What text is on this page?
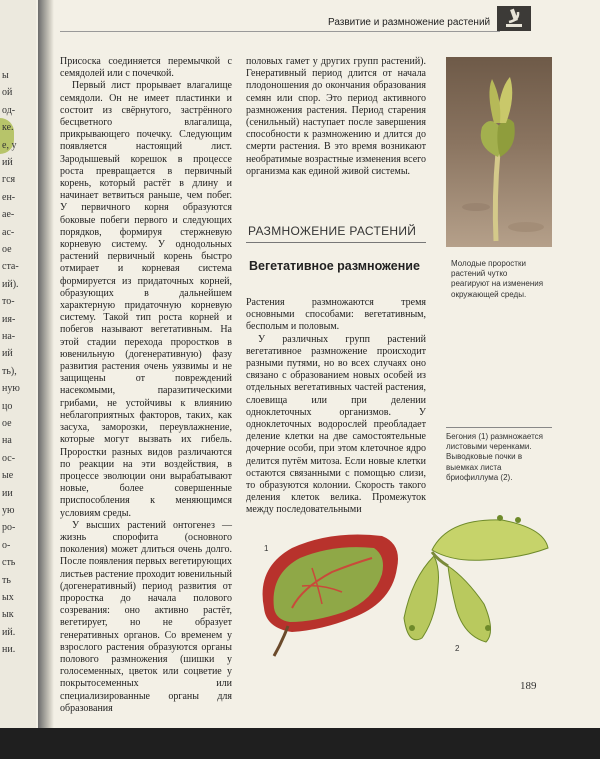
ы
ой
од-
ке.
е, у
ий
гся
ен-
ае-
ас-
ое
ста-
ий).
то-
ия-
на-
ий
ть),
ную
цо
ое
на
ос-
ые
ии
ую
ро-
о-
сть
ть
ых
ык
ий.
ни.
Развитие и размножение растений

Присоска соединяется перемычкой с семядолей или с почечкой.

Первый лист прорывает влагалище семядоли. Он не имеет пластинки и состоит из свёрнутого, застрённого бесцветного влагалища, прикрывающего почечку. Следующим появляется настоящий лист. Зародышевый корешок в процессе роста превращается в первичный корень, который растёт в длину и начинает ветвиться раньше, чем побег. У первичного корня образуются боковые побеги первого и следующих порядков, формируя стержневую корневую систему. У однодольных растений первичный корень быстро отмирает и корневая система формируется из придаточных корней, образующих в дальнейшем характерную придаточную корневую систему. Такой тип роста корней и побегов называют вегетативным. На этой стадии перехода проростков в ювенильную (догенеративную) фазу развития растения очень уязвимы и не защищены от повреждений насекомыми, паразитическими грибами, не устойчивы к влиянию неблагоприятных факторов, таких, как засуха, заморозки, переувлажнение, которые могут вызвать их гибель. Проростки разных видов различаются по реакции на эти воздействия, в процессе эволюции они вырабатывают новые, более совершенные приспособления к меняющимся условиям среды.

У высших растений онтогенез — жизнь спорофита (основного поколения) может длиться очень долго. После появления первых вегетирующих листьев растение проходит ювенильный (догенеративный) период развития от проростка до начала полового созревания: оно активно растёт, вегетирует, но не образует генеративных органов. Со временем у взрослого растения образуются органы полового размножения (шишки у голосеменных, цветок или соцветие у покрытосеменных или специализированные органы для образования

половых гамет у других групп растений). Генеративный период длится от начала плодоношения до окончания образования семян или спор. Это период активного размножения растения. Период старения (сенильный) наступает после завершения способности к размножению и длится до смерти растения. В это время возникают необратимые возрастные изменения всего организма как единой живой системы.

РАЗМНОЖЕНИЕ РАСТЕНИЙ
Вегетативное размножение

Растения размножаются тремя основными способами: вегетативным, бесполым и половым.

У различных групп растений вегетативное размножение происходит разными путями, но во всех случаях оно связано с образованием новых особей из отдельных вегетативных частей растения, слоевища или при делении одноклеточных организмов. У одноклеточных водорослей преобладает деление клетки на две самостоятельные дочерние особи, при этом клеточное ядро делится путём митоза. Если новые клетки остаются связанными с помощью слизи, то образуются колонии. Скорость такого деления клеток велика. Промежуток между последовательными

Молодые проростки растений чутко реагируют на изменения окружающей среды.
Бегония (1) размножается листовыми черенками. Выводковые почки в выемках листа бриофиллума (2).
1
2
189
